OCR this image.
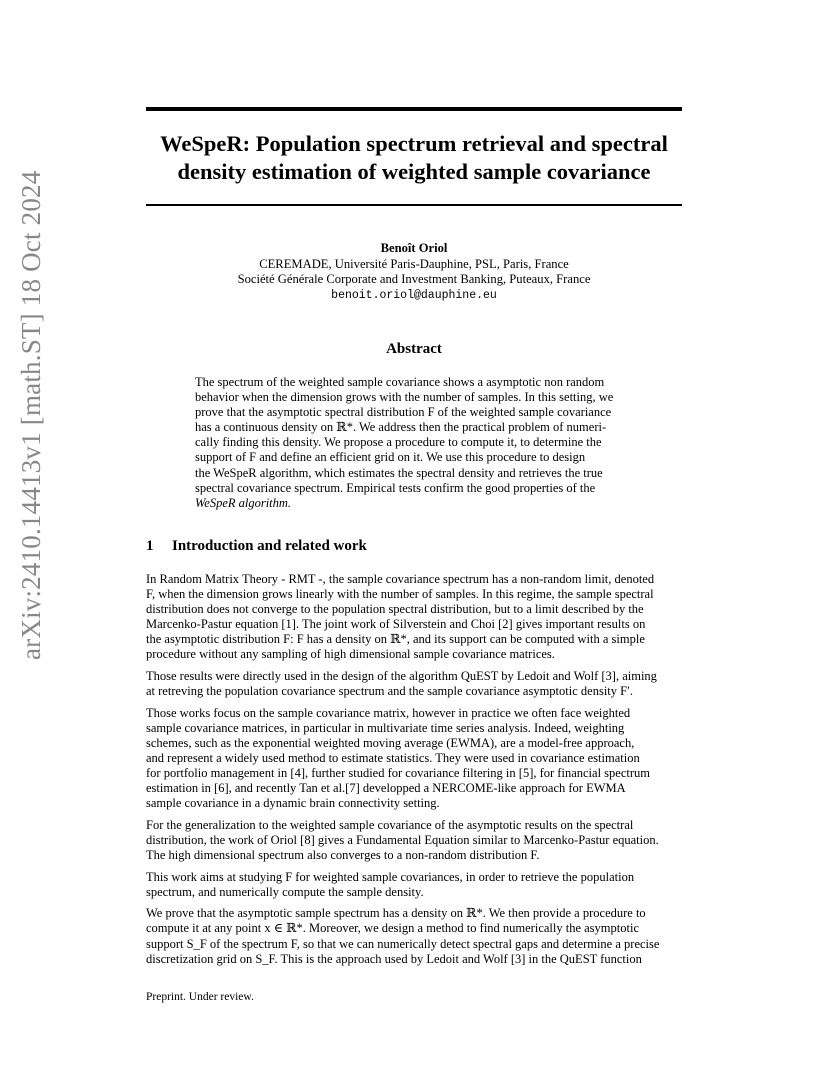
arXiv:2410.14413v1 [math.ST] 18 Oct 2024
WeSpeR: Population spectrum retrieval and spectral
density estimation of weighted sample covariance
Benoît Oriol
CEREMADE, Université Paris-Dauphine, PSL, Paris, France
Société Générale Corporate and Investment Banking, Puteaux, France
benoit.oriol@dauphine.eu
Abstract
The spectrum of the weighted sample covariance shows a asymptotic non random
behavior when the dimension grows with the number of samples. In this setting, we
prove that the asymptotic spectral distribution F of the weighted sample covariance
has a continuous density on ℝ*. We address then the practical problem of numeri-
cally finding this density. We propose a procedure to compute it, to determine the
support of F and define an efficient grid on it. We use this procedure to design
the WeSpeR algorithm, which estimates the spectral density and retrieves the true
spectral covariance spectrum. Empirical tests confirm the good properties of the
WeSpeR algorithm.
1 Introduction and related work
In Random Matrix Theory - RMT -, the sample covariance spectrum has a non-random limit, denoted
F, when the dimension grows linearly with the number of samples. In this regime, the sample spectral
distribution does not converge to the population spectral distribution, but to a limit described by the
Marcenko-Pastur equation [1]. The joint work of Silverstein and Choi [2] gives important results on
the asymptotic distribution F: F has a density on ℝ*, and its support can be computed with a simple
procedure without any sampling of high dimensional sample covariance matrices.
Those results were directly used in the design of the algorithm QuEST by Ledoit and Wolf [3], aiming
at retreving the population covariance spectrum and the sample covariance asymptotic density F′.
Those works focus on the sample covariance matrix, however in practice we often face weighted
sample covariance matrices, in particular in multivariate time series analysis. Indeed, weighting
schemes, such as the exponential weighted moving average (EWMA), are a model-free approach,
and represent a widely used method to estimate statistics. They were used in covariance estimation
for portfolio management in [4], further studied for covariance filtering in [5], for financial spectrum
estimation in [6], and recently Tan et al.[7] developped a NERCOME-like approach for EWMA
sample covariance in a dynamic brain connectivity setting.
For the generalization to the weighted sample covariance of the asymptotic results on the spectral
distribution, the work of Oriol [8] gives a Fundamental Equation similar to Marcenko-Pastur equation.
The high dimensional spectrum also converges to a non-random distribution F.
This work aims at studying F for weighted sample covariances, in order to retrieve the population
spectrum, and numerically compute the sample density.
We prove that the asymptotic sample spectrum has a density on ℝ*. We then provide a procedure to
compute it at any point x ∈ ℝ*. Moreover, we design a method to find numerically the asymptotic
support S_F of the spectrum F, so that we can numerically detect spectral gaps and determine a precise
discretization grid on S_F. This is the approach used by Ledoit and Wolf [3] in the QuEST function
Preprint. Under review.
